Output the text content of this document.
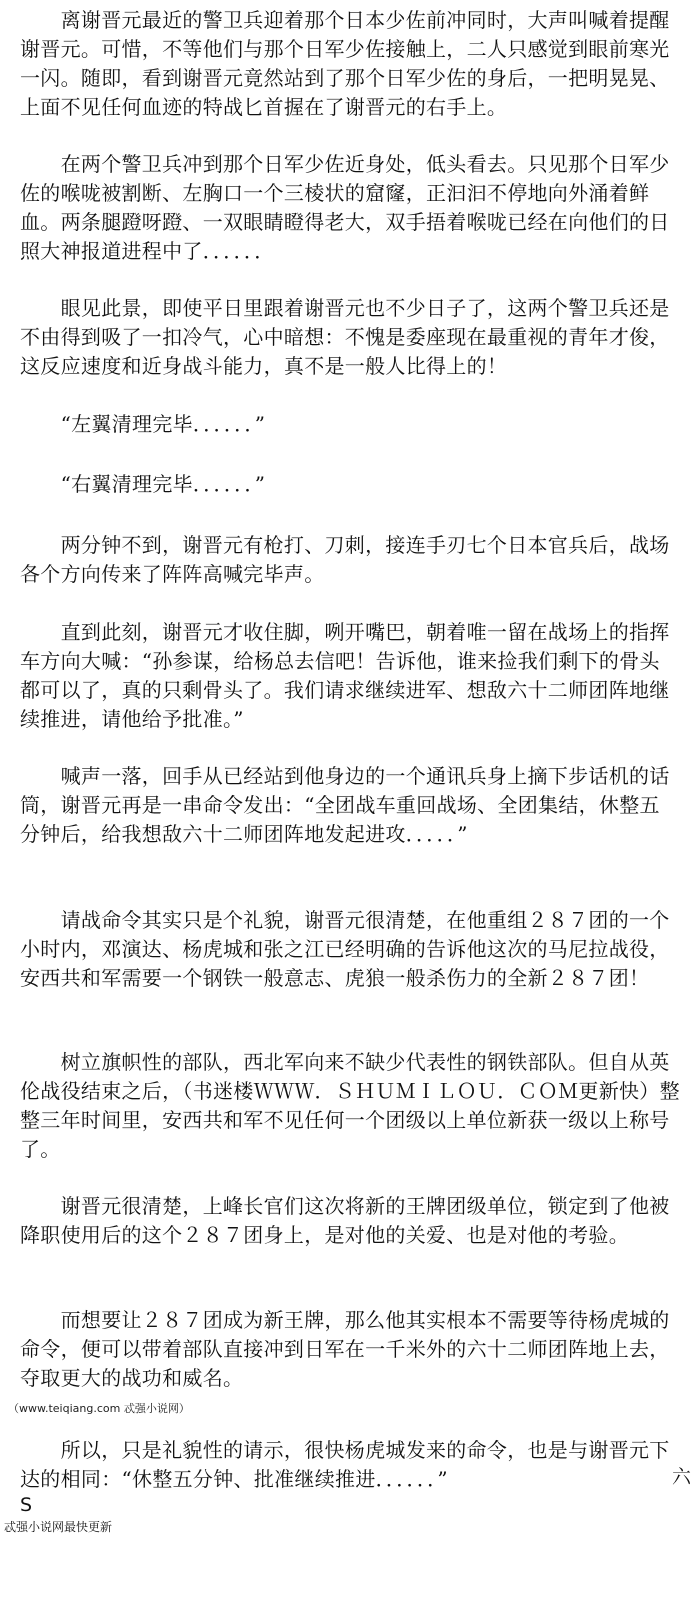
　　离谢晋元最近的警卫兵迎着那个日本少佐前冲同时，大声叫喊着提醒谢晋元。可惜，不等他们与那个日军少佐接触上，二人只感觉到眼前寒光一闪。随即，看到谢晋元竟然站到了那个日军少佐的身后，一把明晃晃、上面不见任何血迹的特战匕首握在了谢晋元的右手上。

　　在两个警卫兵冲到那个日军少佐近身处，低头看去。只见那个日军少佐的喉咙被割断、左胸口一个三棱状的窟窿，正汩汩不停地向外涌着鲜血。两条腿蹬呀蹬、一双眼睛瞪得老大，双手捂着喉咙已经在向他们的日照大神报道进程中了．．．．．．

　　眼见此景，即使平日里跟着谢晋元也不少日子了，这两个警卫兵还是不由得到吸了一扣冷气，心中暗想：不愧是委座现在最重视的青年才俊，这反应速度和近身战斗能力，真不是一般人比得上的！

　　“左翼清理完毕．．．．．．”

　　“右翼清理完毕．．．．．．”

　　两分钟不到，谢晋元有枪打、刀刺，接连手刃七个日本官兵后，战场各个方向传来了阵阵高喊完毕声。

　　直到此刻，谢晋元才收住脚，咧开嘴巴，朝着唯一留在战场上的指挥车方向大喊：“孙参谋，给杨总去信吧！告诉他，谁来捡我们剩下的骨头都可以了，真的只剩骨头了。我们请求继续进军、想敌六十二师团阵地继续推进，请他给予批准。”

　　喊声一落，回手从已经站到他身边的一个通讯兵身上摘下步话机的话筒，谢晋元再是一串命令发出：“全团战车重回战场、全团集结，休整五分钟后，给我想敌六十二师团阵地发起进攻．．．．．”

　　请战命令其实只是个礼貌，谢晋元很清楚，在他重组２８７团的一个小时内，邓演达、杨虎城和张之江已经明确的告诉他这次的马尼拉战役，安西共和军需要一个钢铁一般意志、虎狼一般杀伤力的全新２８７团！

　　树立旗帜性的部队，西北军向来不缺少代表性的钢铁部队。但自从英伦战役结束之后，（书迷楼ＷＷＷ．ＳＨＵＭＩＬＯＵ．ＣＯＭ更新快）整整三年时间里，安西共和军不见任何一个团级以上单位新获一级以上称号了。

　　谢晋元很清楚，上峰长官们这次将新的王牌团级单位，锁定到了他被降职使用后的这个２８７团身上，是对他的关爱、也是对他的考验。

　　而想要让２８７团成为新王牌，那么他其实根本不需要等待杨虎城的命令，便可以带着部队直接冲到日军在一千米外的六十二师团阵地上去，夺取更大的战功和威名。

（www.teiqiang.com 忒强小说网）

　　所以，只是礼貌性的请示，很快杨虎城发来的命令，也是与谢晋元下达的相同：“休整五分钟、批准继续推进．．．．．．”	六
S
忒强小说网最快更新
